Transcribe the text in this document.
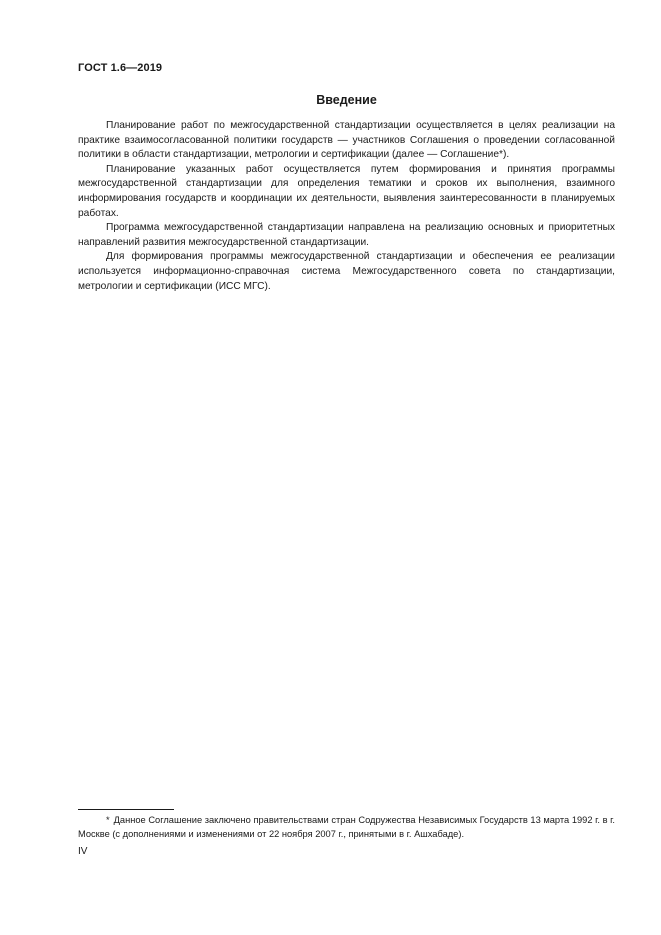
ГОСТ 1.6—2019
Введение

Планирование работ по межгосударственной стандартизации осуществляется в целях реализации на практике взаимосогласованной политики государств — участников Соглашения о проведении согласованной политики в области стандартизации, метрологии и сертификации (далее — Соглашение*).

Планирование указанных работ осуществляется путем формирования и принятия программы межгосударственной стандартизации для определения тематики и сроков их выполнения, взаимного информирования государств и координации их деятельности, выявления заинтересованности в планируемых работах.

Программа межгосударственной стандартизации направлена на реализацию основных и приоритетных направлений развития межгосударственной стандартизации.

Для формирования программы межгосударственной стандартизации и обеспечения ее реализации используется информационно-справочная система Межгосударственного совета по стандартизации, метрологии и сертификации (ИСС МГС).

* Данное Соглашение заключено правительствами стран Содружества Независимых Государств 13 марта 1992 г. в г. Москве (с дополнениями и изменениями от 22 ноября 2007 г., принятыми в г. Ашхабаде).
IV
